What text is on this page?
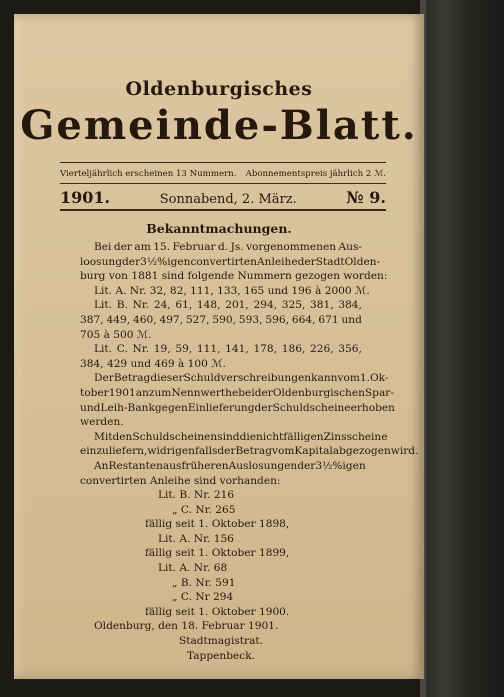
Oldenburgisches
Gemeinde-Blatt.
Vierteljährlich erscheinen 13 Nummern. Abonnementspreis jährlich 2 ℳ.
1901.	Sonnabend, 2. März.	№ 9.
Bekanntmachungen.
Bei der am 15. Februar d. Js. vorgenommenen Aus-
loosung der 3½ %igen convertirten Anleihe der Stadt Olden-
burg von 1881 sind folgende Nummern gezogen worden:
Lit. A. Nr. 32, 82, 111, 133, 165 und 196 à 2000 ℳ.
Lit. B. Nr. 24, 61, 148, 201, 294, 325, 381, 384,
387, 449, 460, 497, 527, 590, 593, 596, 664, 671 und
705 à 500 ℳ.
Lit. C. Nr. 19, 59, 111, 141, 178, 186, 226, 356,
384, 429 und 469 à 100 ℳ.
Der Betrag dieser Schuldverschreibungen kann vom 1. Ok-
tober 1901 an zum Nennwerthe bei der Oldenburgischen Spar-
und Leih-Bank gegen Einlieferung der Schuldscheine erhoben
werden.
Mit den Schuldscheinen sind die nicht fälligen Zinsscheine
einzuliefern, widrigenfalls der Betrag vom Kapital abgezogen wird.
An Restanten aus früheren Auslosungen der 3½ %igen
convertirten Anleihe sind vorhanden:
Lit. B. Nr. 216
„ C. Nr. 265
fällig seit 1. Oktober 1898,
Lit. A. Nr. 156
fällig seit 1. Oktober 1899,
Lit. A. Nr. 68
„ B. Nr. 591
„ C. Nr 294
fällig seit 1. Oktober 1900.
Oldenburg, den 18. Februar 1901.
Stadtmagistrat.
Tappenbeck.
